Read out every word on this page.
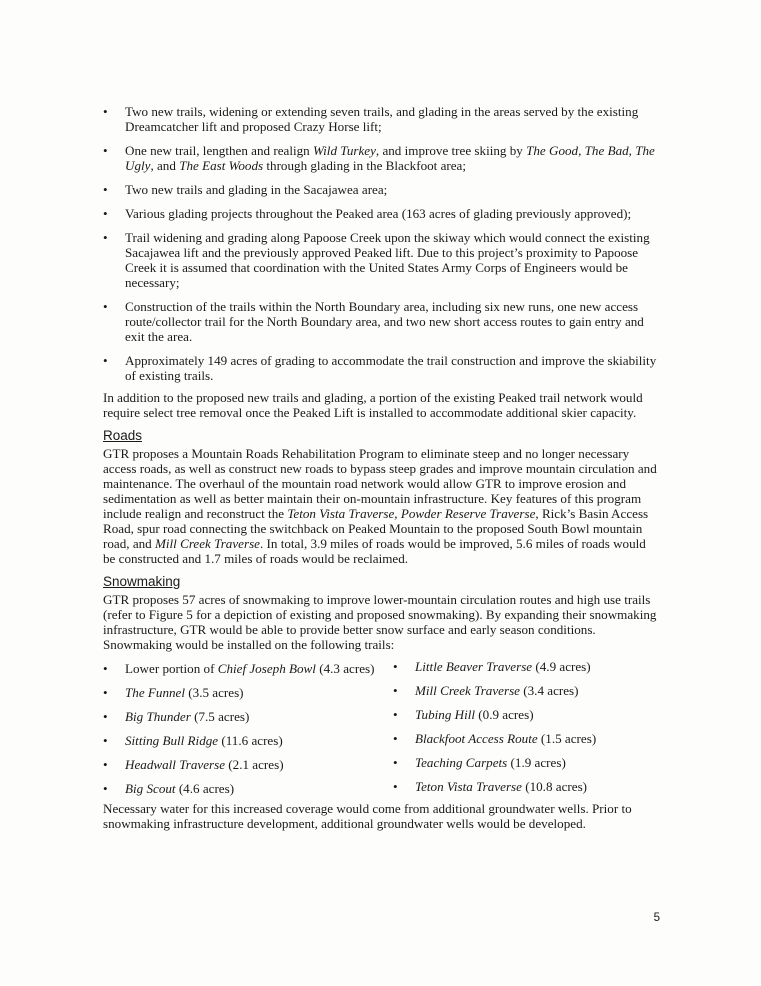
•	Two new trails, widening or extending seven trails, and glading in the areas served by the existing Dreamcatcher lift and proposed Crazy Horse lift;
•	One new trail, lengthen and realign Wild Turkey, and improve tree skiing by The Good, The Bad, The Ugly, and The East Woods through glading in the Blackfoot area;
•	Two new trails and glading in the Sacajawea area;
•	Various glading projects throughout the Peaked area (163 acres of glading previously approved);
•	Trail widening and grading along Papoose Creek upon the skiway which would connect the existing Sacajawea lift and the previously approved Peaked lift. Due to this project’s proximity to Papoose Creek it is assumed that coordination with the United States Army Corps of Engineers would be necessary;
•	Construction of the trails within the North Boundary area, including six new runs, one new access route/collector trail for the North Boundary area, and two new short access routes to gain entry and exit the area.
•	Approximately 149 acres of grading to accommodate the trail construction and improve the skiability of existing trails.

In addition to the proposed new trails and glading, a portion of the existing Peaked trail network would require select tree removal once the Peaked Lift is installed to accommodate additional skier capacity.

Roads

GTR proposes a Mountain Roads Rehabilitation Program to eliminate steep and no longer necessary access roads, as well as construct new roads to bypass steep grades and improve mountain circulation and maintenance. The overhaul of the mountain road network would allow GTR to improve erosion and sedimentation as well as better maintain their on-mountain infrastructure. Key features of this program include realign and reconstruct the Teton Vista Traverse, Powder Reserve Traverse, Rick’s Basin Access Road, spur road connecting the switchback on Peaked Mountain to the proposed South Bowl mountain road, and Mill Creek Traverse. In total, 3.9 miles of roads would be improved, 5.6 miles of roads would be constructed and 1.7 miles of roads would be reclaimed.

Snowmaking

GTR proposes 57 acres of snowmaking to improve lower-mountain circulation routes and high use trails (refer to Figure 5 for a depiction of existing and proposed snowmaking). By expanding their snowmaking infrastructure, GTR would be able to provide better snow surface and early season conditions. Snowmaking would be installed on the following trails:

• Lower portion of Chief Joseph Bowl (4.3 acres)
• The Funnel (3.5 acres)
• Big Thunder (7.5 acres)
• Sitting Bull Ridge (11.6 acres)
• Headwall Traverse (2.1 acres)
• Big Scout (4.6 acres)
• Little Beaver Traverse (4.9 acres)
• Mill Creek Traverse (3.4 acres)
• Tubing Hill (0.9 acres)
• Blackfoot Access Route (1.5 acres)
• Teaching Carpets (1.9 acres)
• Teton Vista Traverse (10.8 acres)

Necessary water for this increased coverage would come from additional groundwater wells. Prior to snowmaking infrastructure development, additional groundwater wells would be developed.

5
